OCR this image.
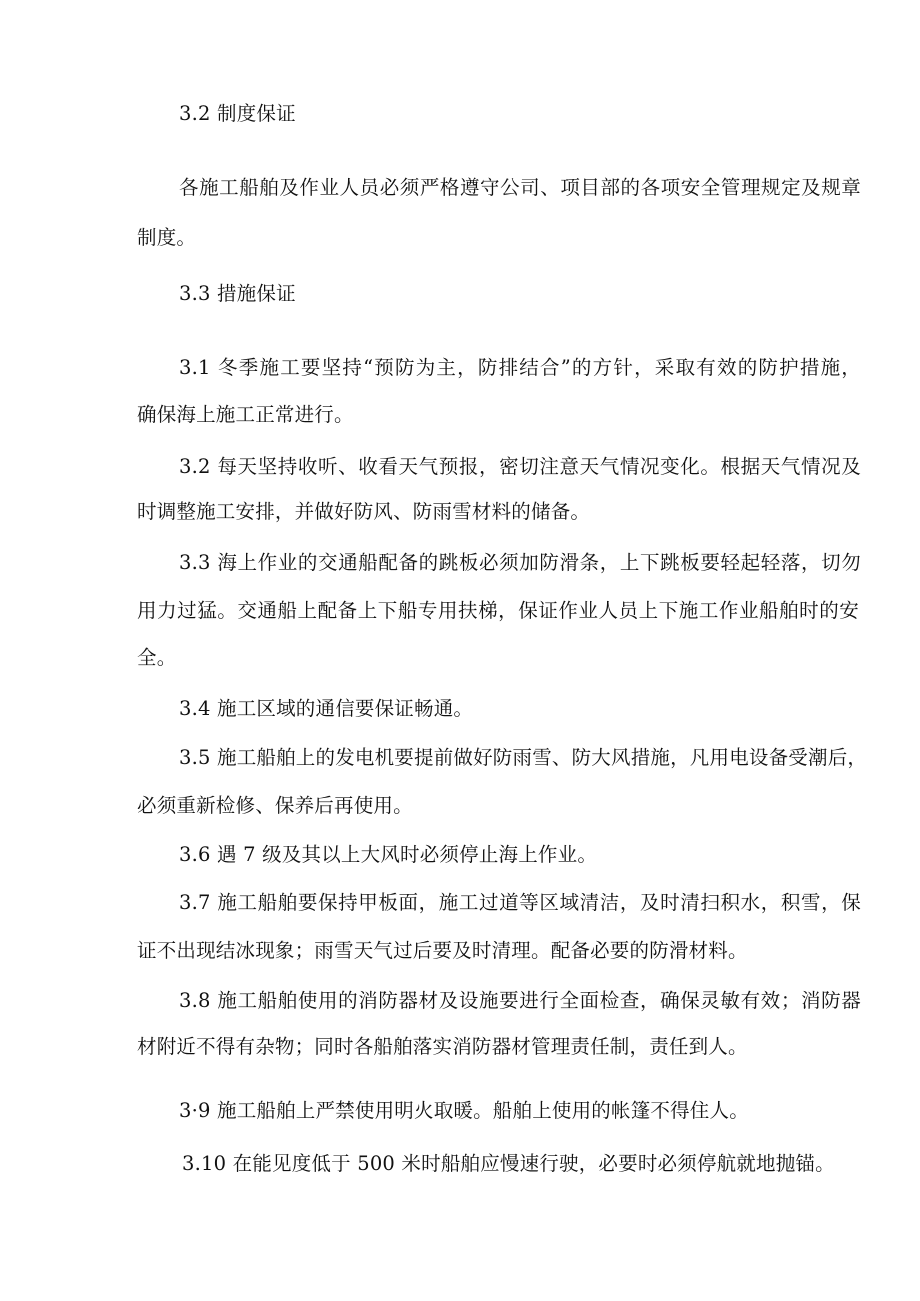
3.2 制度保证
各施工船舶及作业人员必须严格遵守公司、项目部的各项安全管理规定及规章
制度。
3.3 措施保证
3.1 冬季施工要坚持“预防为主，防排结合”的方针，采取有效的防护措施，
确保海上施工正常进行。
3.2 每天坚持收听、收看天气预报，密切注意天气情况变化。根据天气情况及
时调整施工安排，并做好防风、防雨雪材料的储备。
3.3 海上作业的交通船配备的跳板必须加防滑条，上下跳板要轻起轻落，切勿
用力过猛。交通船上配备上下船专用扶梯，保证作业人员上下施工作业船舶时的安
全。
3.4 施工区域的通信要保证畅通。
3.5 施工船舶上的发电机要提前做好防雨雪、防大风措施，凡用电设备受潮后，
必须重新检修、保养后再使用。
3.6 遇 7 级及其以上大风时必须停止海上作业。
3.7 施工船舶要保持甲板面，施工过道等区域清洁，及时清扫积水，积雪，保
证不出现结冰现象；雨雪天气过后要及时清理。配备必要的防滑材料。
3.8 施工船舶使用的消防器材及设施要进行全面检查，确保灵敏有效；消防器
材附近不得有杂物；同时各船舶落实消防器材管理责任制，责任到人。
3·9 施工船舶上严禁使用明火取暖。船舶上使用的帐篷不得住人。
3.10 在能见度低于 500 米时船舶应慢速行驶，必要时必须停航就地抛锚。
